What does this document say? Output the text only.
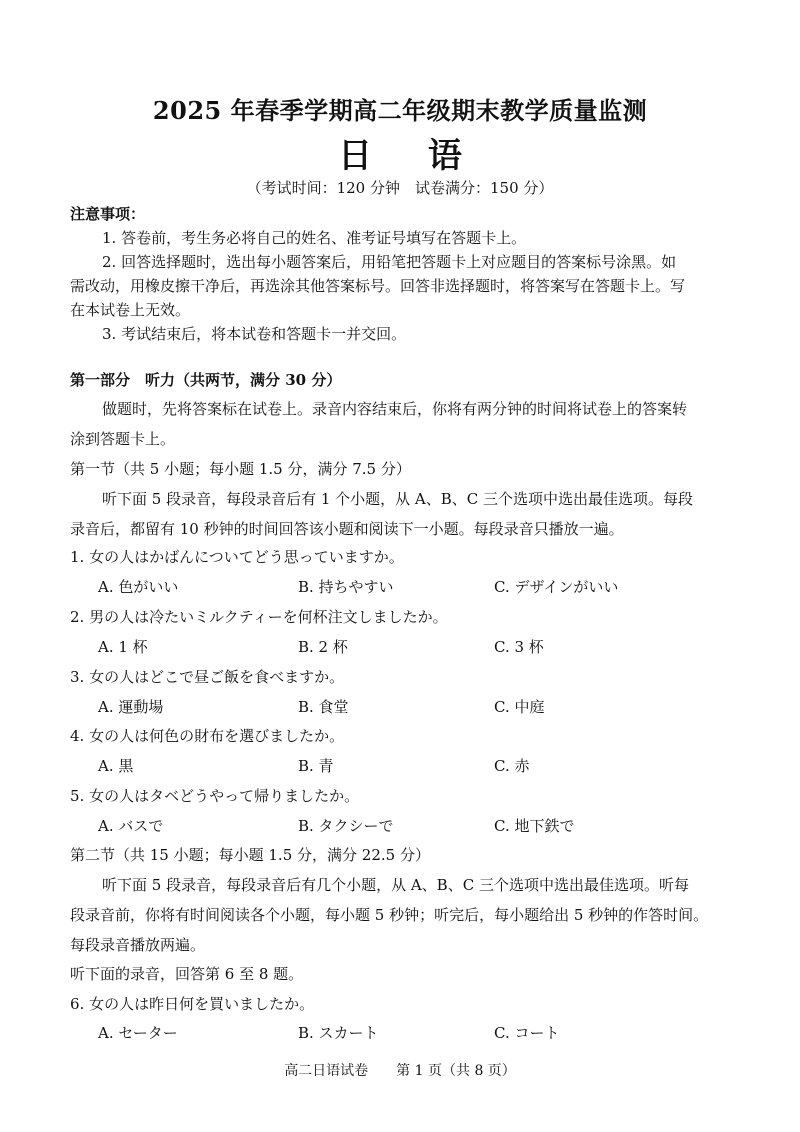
2025 年春季学期高二年级期末教学质量监测
日 语
（考试时间：120 分钟　试卷满分：150 分）
注意事项：
1. 答卷前，考生务必将自己的姓名、准考证号填写在答题卡上。
2. 回答选择题时，选出每小题答案后，用铅笔把答题卡上对应题目的答案标号涂黑。如
需改动，用橡皮擦干净后，再选涂其他答案标号。回答非选择题时，将答案写在答题卡上。写
在本试卷上无效。
3. 考试结束后，将本试卷和答题卡一并交回。
第一部分　听力（共两节，满分 30 分）
做题时，先将答案标在试卷上。录音内容结束后，你将有两分钟的时间将试卷上的答案转
涂到答题卡上。
第一节（共 5 小题；每小题 1.5 分，满分 7.5 分）
听下面 5 段录音，每段录音后有 1 个小题，从 A、B、C 三个选项中选出最佳选项。每段
录音后，都留有 10 秒钟的时间回答该小题和阅读下一小题。每段录音只播放一遍。
1. 女の人はかばんについてどう思っていますか。
A. 色がいい	B. 持ちやすい	C. デザインがいい
2. 男の人は冷たいミルクティーを何杯注文しましたか。
A. 1 杯	B. 2 杯	C. 3 杯
3. 女の人はどこで昼ご飯を食べますか。
A. 運動場	B. 食堂	C. 中庭
4. 女の人は何色の財布を選びましたか。
A. 黒	B. 青	C. 赤
5. 女の人はタベどうやって帰りましたか。
A. バスで	B. タクシーで	C. 地下鉄で
第二节（共 15 小题；每小题 1.5 分，满分 22.5 分）
听下面 5 段录音，每段录音后有几个小题，从 A、B、C 三个选项中选出最佳选项。听每
段录音前，你将有时间阅读各个小题，每小题 5 秒钟；听完后，每小题给出 5 秒钟的作答时间。
每段录音播放两遍。
听下面的录音，回答第 6 至 8 题。
6. 女の人は昨日何を買いましたか。
A. セーター	B. スカート	C. コート
高二日语试卷　　第 1 页（共 8 页）
